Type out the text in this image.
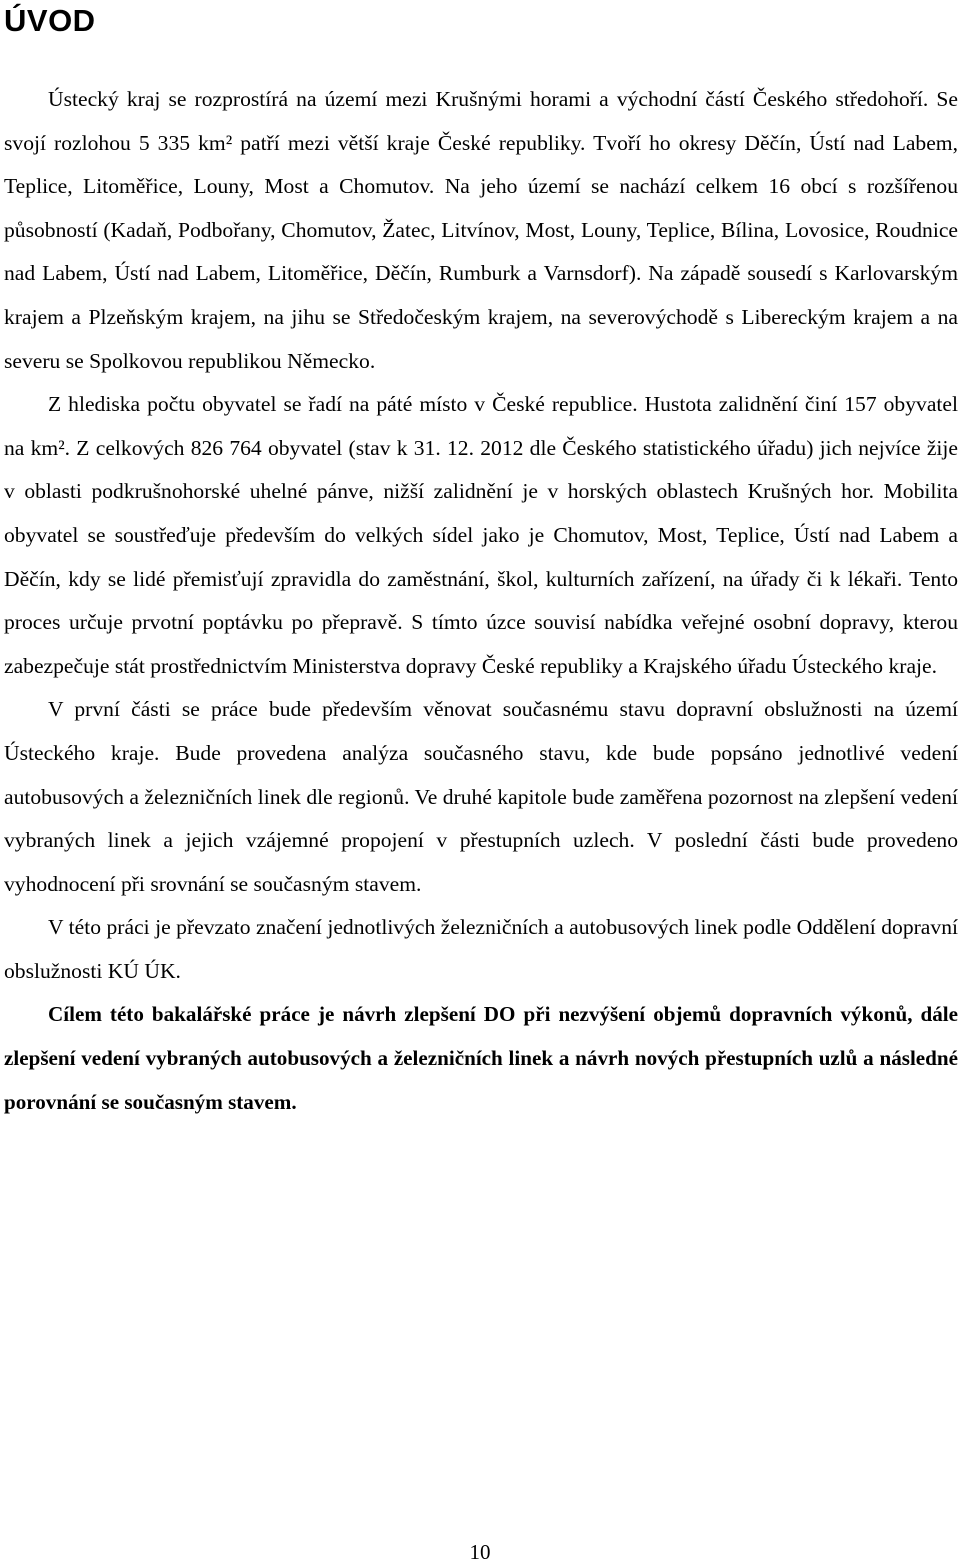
ÚVOD

Ústecký kraj se rozprostírá na území mezi Krušnými horami a východní částí Českého středohoří. Se svojí rozlohou 5 335 km² patří mezi větší kraje České republiky. Tvoří ho okresy Děčín, Ústí nad Labem, Teplice, Litoměřice, Louny, Most a Chomutov. Na jeho území se nachází celkem 16 obcí s rozšířenou působností (Kadaň, Podbořany, Chomutov, Žatec, Litvínov, Most, Louny, Teplice, Bílina, Lovosice, Roudnice nad Labem, Ústí nad Labem, Litoměřice, Děčín, Rumburk a Varnsdorf). Na západě sousedí s Karlovarským krajem a Plzeňským krajem, na jihu se Středočeským krajem, na severovýchodě s Libereckým krajem a na severu se Spolkovou republikou Německo.

Z hlediska počtu obyvatel se řadí na páté místo v České republice. Hustota zalidnění činí 157 obyvatel na km². Z celkových 826 764 obyvatel (stav k 31. 12. 2012 dle Českého statistického úřadu) jich nejvíce žije v oblasti podkrušnohorské uhelné pánve, nižší zalidnění je v horských oblastech Krušných hor. Mobilita obyvatel se soustřeďuje především do velkých sídel jako je Chomutov, Most, Teplice, Ústí nad Labem a Děčín, kdy se lidé přemisťují zpravidla do zaměstnání, škol, kulturních zařízení, na úřady či k lékaři. Tento proces určuje prvotní poptávku po přepravě. S tímto úzce souvisí nabídka veřejné osobní dopravy, kterou zabezpečuje stát prostřednictvím Ministerstva dopravy České republiky a Krajského úřadu Ústeckého kraje.

V první části se práce bude především věnovat současnému stavu dopravní obslužnosti na území Ústeckého kraje. Bude provedena analýza současného stavu, kde bude popsáno jednotlivé vedení autobusových a železničních linek dle regionů. Ve druhé kapitole bude zaměřena pozornost na zlepšení vedení vybraných linek a jejich vzájemné propojení v přestupních uzlech. V poslední části bude provedeno vyhodnocení při srovnání se současným stavem.

V této práci je převzato značení jednotlivých železničních a autobusových linek podle Oddělení dopravní obslužnosti KÚ ÚK.

Cílem této bakalářské práce je návrh zlepšení DO při nezvýšení objemů dopravních výkonů, dále zlepšení vedení vybraných autobusových a železničních linek a návrh nových přestupních uzlů a následné porovnání se současným stavem.

10
